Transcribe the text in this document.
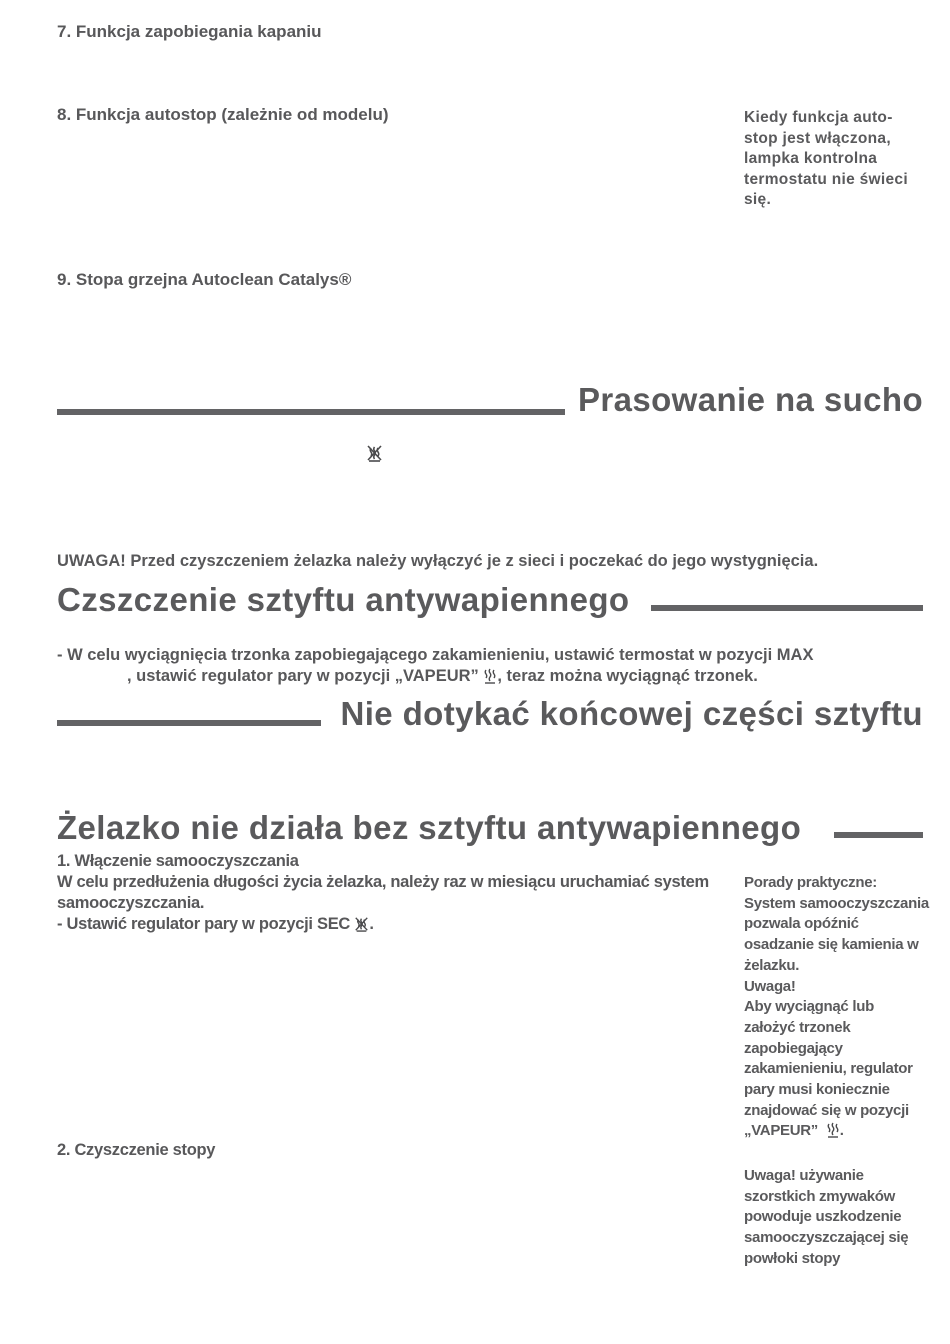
7. Funkcja zapobiegania kapaniu
8. Funkcja autostop (zależnie od modelu)	Kiedy funkcja auto-
stop jest włączona,
lampka kontrolna
termostatu nie świeci
się.
9. Stopa grzejna Autoclean Catalys®
Prasowanie na sucho
UWAGA! Przed czyszczeniem żelazka należy wyłączyć je z sieci i poczekać do jego wystygnięcia.
Czszczenie sztyftu antywapiennego
- W celu wyciągnięcia trzonka zapobiegającego zakamienieniu, ustawić termostat w pozycji MAX
, ustawić regulator pary w pozycji „VAPEUR” , teraz można wyciągnąć trzonek.
Nie dotykać końcowej części sztyftu
Żelazko nie działa bez sztyftu antywapiennego
1. Włączenie samooczyszczania
W celu przedłużenia długości życia żelazka, należy raz w miesiącu uruchamiać system
samooczyszczania.
- Ustawić regulator pary w pozycji SEC .
2. Czyszczenie stopy
Porady praktyczne:
System samooczyszczania
pozwala opóźnić
osadzanie się kamienia w
żelazku.
Uwaga!
Aby wyciągnąć lub
założyć trzonek
zapobiegający
zakamienieniu, regulator
pary musi koniecznie
znajdować się w pozycji
„VAPEUR” .
Uwaga! używanie
szorstkich zmywaków
powoduje uszkodzenie
samooczyszczającej się
powłoki stopy
